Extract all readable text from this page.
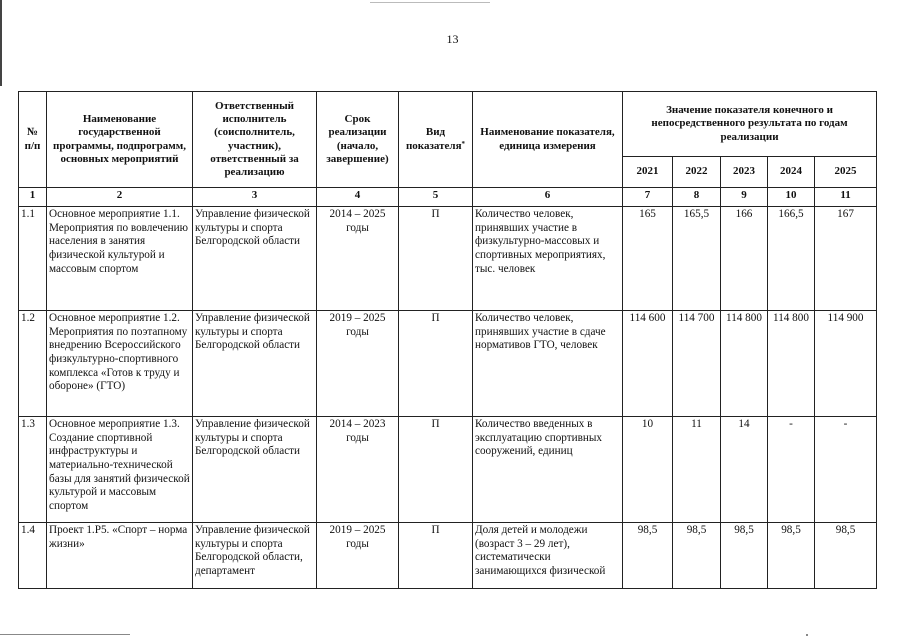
13
№ п/п	Наименование государственной программы, подпрограмм, основных мероприятий	Ответственный исполнитель (соисполнитель, участник), ответственный за реализацию	Срок реализации (начало, завершение)	Вид показателя*	Наименование показателя, единица измерения	Значение показателя конечного и непосредственного результата по годам реализации				
						2021	2022	2023	2024	2025
1	2	3	4	5	6	7	8	9	10	11
1.1	Основное мероприятие 1.1. Мероприятия по вовлечению населения в занятия физической культурой и массовым спортом	Управление физической культуры и спорта Белгородской области	2014 – 2025 годы	П	Количество человек, принявших участие в физкультурно-массовых и спортивных мероприятиях, тыс. человек	165	165,5	166	166,5	167
1.2	Основное мероприятие 1.2. Мероприятия по поэтапному внедрению Всероссийского физкультурно-спортивного комплекса «Готов к труду и обороне» (ГТО)	Управление физической культуры и спорта Белгородской области	2019 – 2025 годы	П	Количество человек, принявших участие в сдаче нормативов ГТО, человек	114 600	114 700	114 800	114 800	114 900
1.3	Основное мероприятие 1.3. Создание спортивной инфраструктуры и материально-технической базы для занятий физической культурой и массовым спортом	Управление физической культуры и спорта Белгородской области	2014 – 2023 годы	П	Количество введенных в эксплуатацию спортивных сооружений, единиц	10	11	14	-	-
1.4	Проект 1.Р5. «Спорт – норма жизни»	Управление физической культуры и спорта Белгородской области, департамент	2019 – 2025 годы	П	Доля детей и молодежи (возраст 3 – 29 лет), систематически занимающихся физической	98,5	98,5	98,5	98,5	98,5
